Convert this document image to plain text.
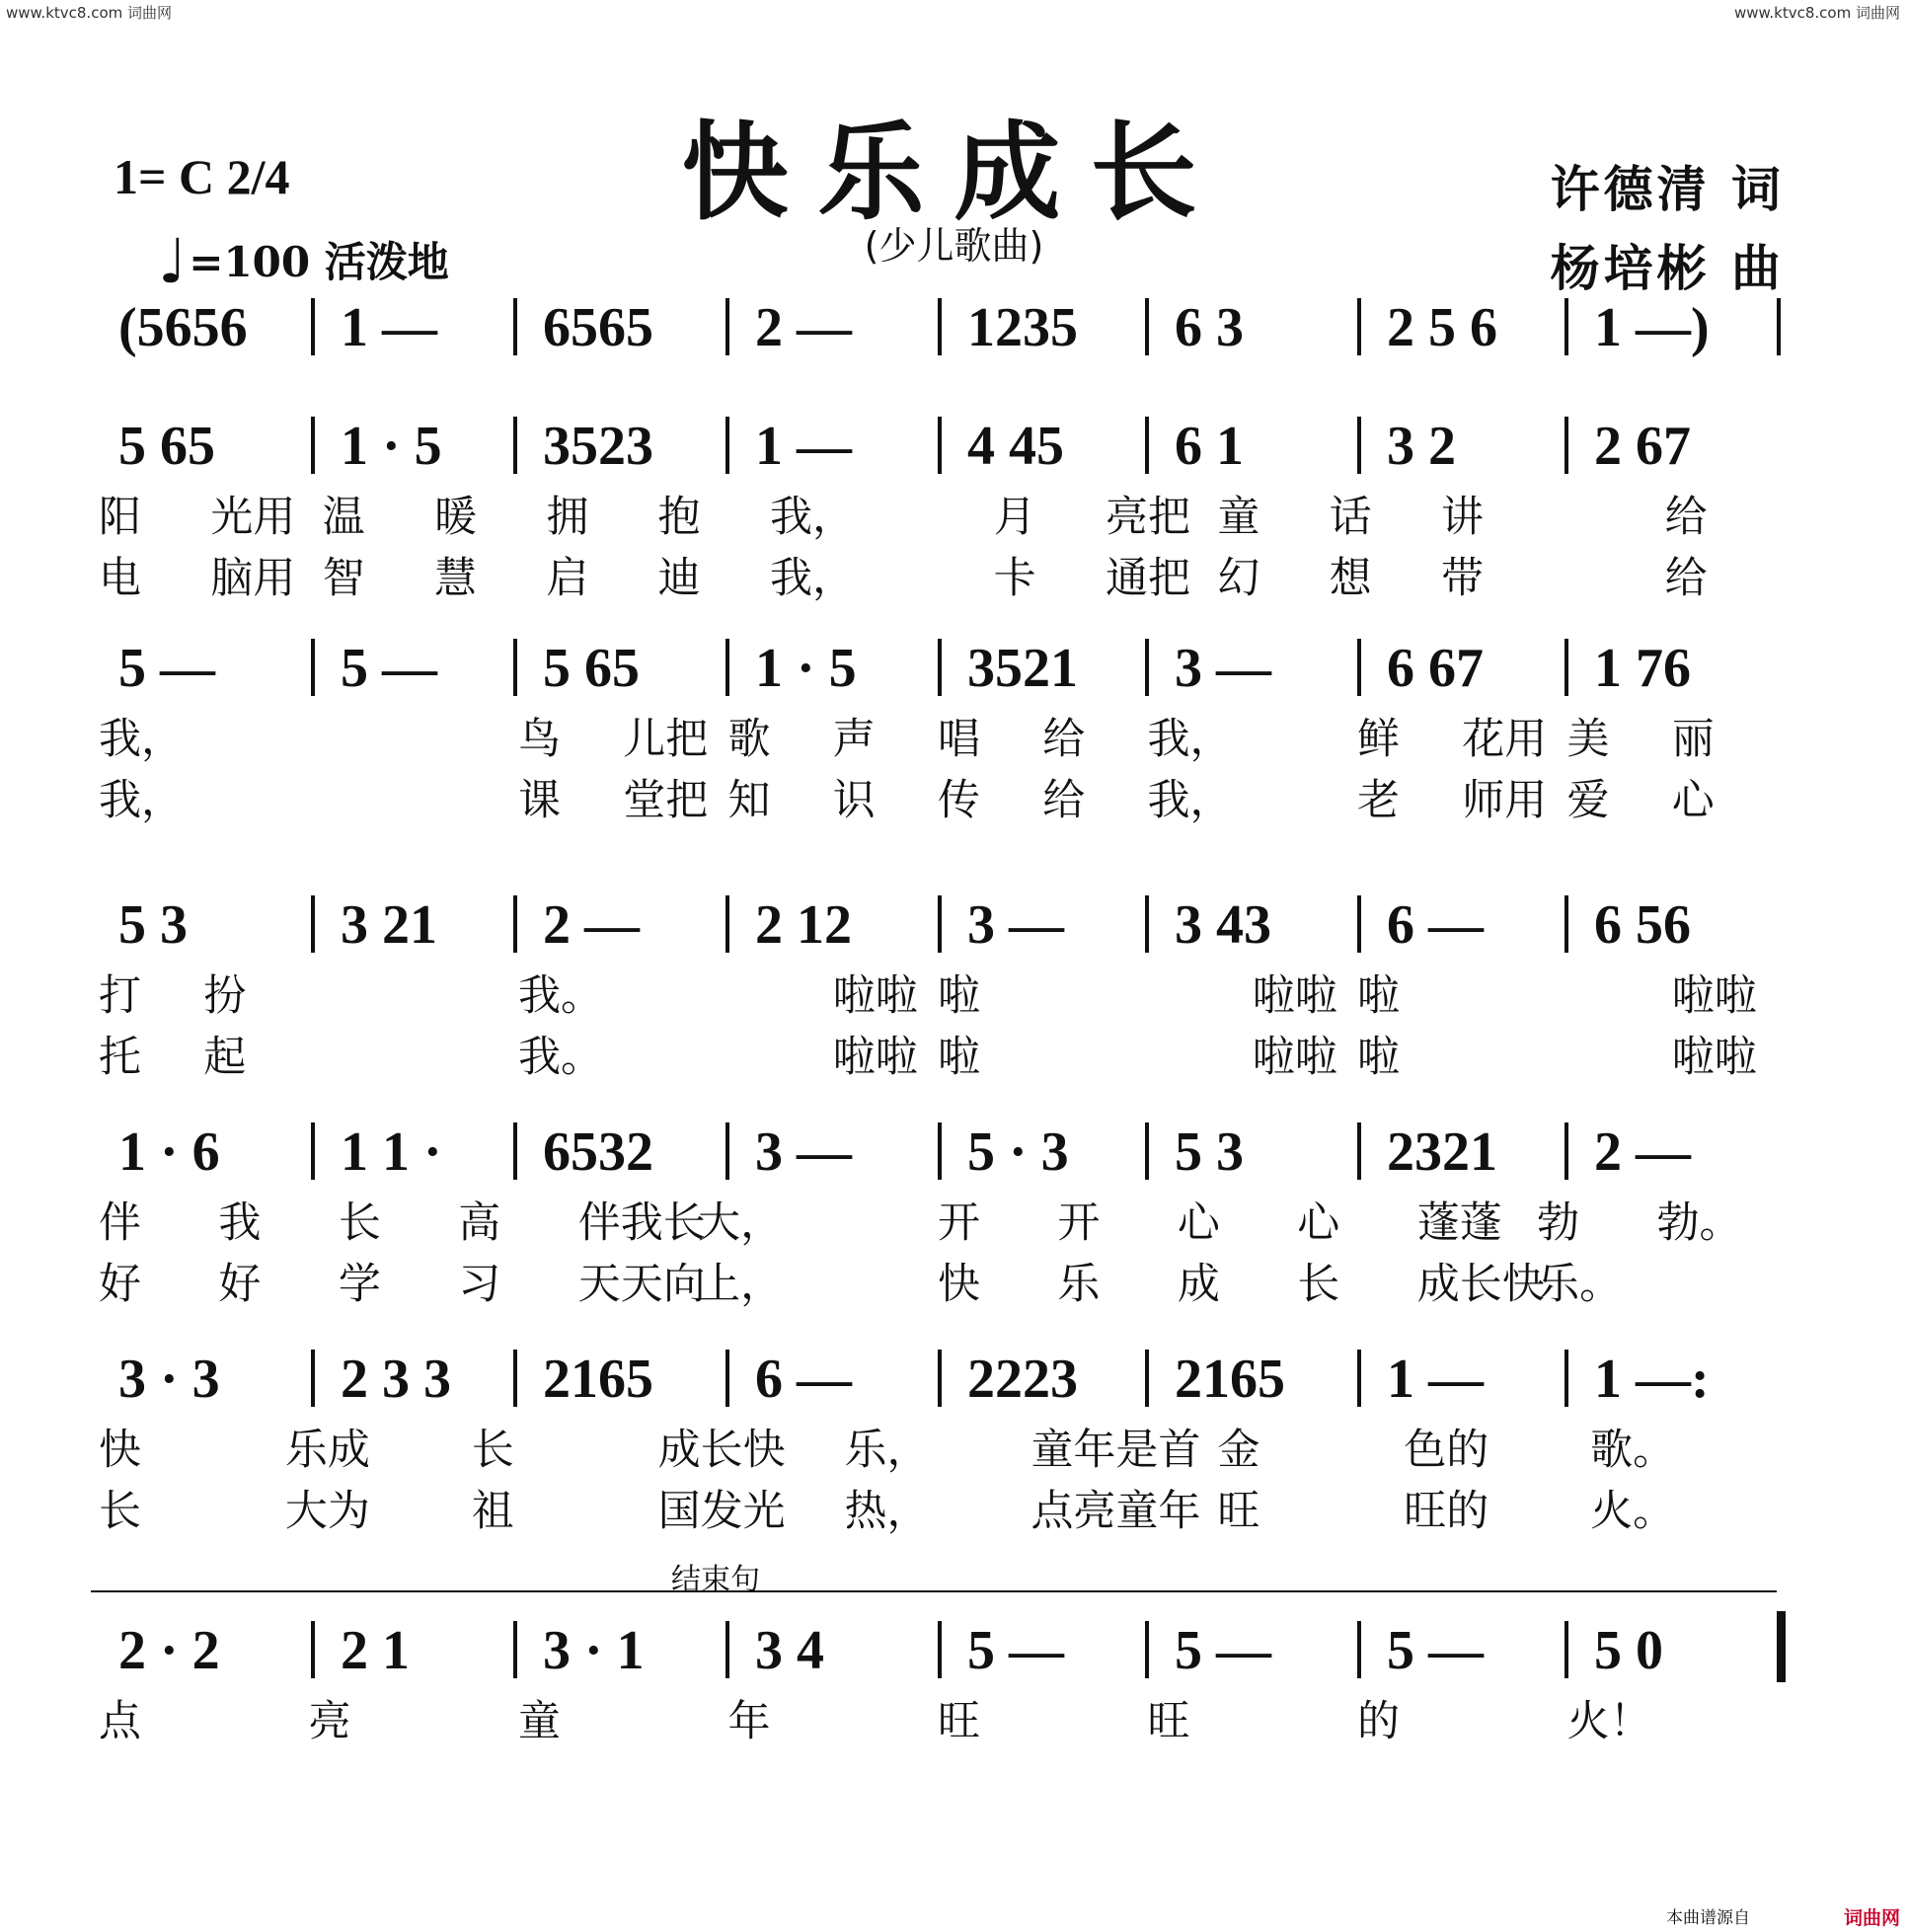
www.ktvc8.com 词曲网	www.ktvc8.com 词曲网
快乐成长
(少儿歌曲)
1= C 2/4
♩=100 活泼地
许德清 词
杨培彬 曲
(5656 1 — 6565 2 — 1235 6 3	2 5 6 1 —)
5 65 1 · 5 3523 1 — 4 45 6 1	3 2	2 67
阳 光用 温 暖 拥 抱 我，	月 亮把 童 话 讲	给
电 脑用 智 慧 启 迪 我，	卡 通把 幻 想 带	给
5 — 5 — 5 65 1 · 5 3521 3 — 6 67 1 76
我，	鸟 儿把 歌 声 唱 给 我，	鲜 花用 美 丽
我，	课 堂把 知 识 传 给 我，	老 师用 爱 心
5 3	3 21 2 — 2 12 3 — 3 43 6 — 6 56
打 扮	我。	啦啦 啦	啦啦 啦	啦啦
托 起	我。	啦啦 啦	啦啦 啦	啦啦
1 · 6 1 1 · 6532 3 — 5 · 3 5 3	2321 2 —
伴 我 长 高 伴我长
大，	开 开 心 心 蓬蓬 勃 勃。
好 好 学 习 天天向
上，	快 乐 成 长 成长快
乐。
3 · 3 2 3 3 2165 6 — 2223 2165 1 — 1 —:
快	乐成 长	成长快 乐， 童年是首 金	色的 歌。
长	大为 祖	国发光 热， 点亮童年 旺	旺的 火。
2 · 2 2 1 3 · 1 3 4	5 — 5 — 5 — 5 0
点	亮	童	年	旺	旺	的	火！
结束句
本曲谱源自	词曲网
